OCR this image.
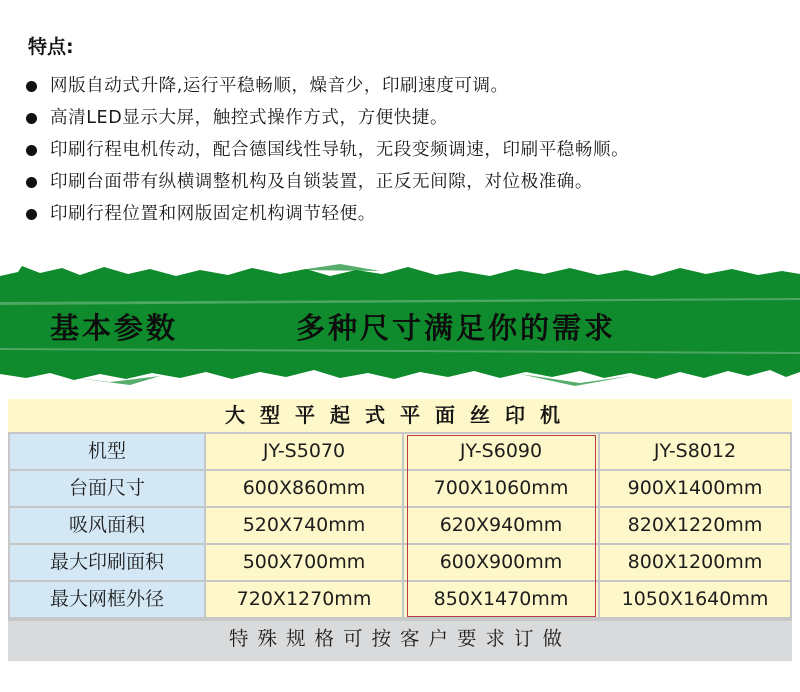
特点:
网版自动式升降,运行平稳畅顺，燥音少，印刷速度可调。
高清LED显示大屏，触控式操作方式，方便快捷。
印刷行程电机传动，配合德国线性导轨，无段变频调速，印刷平稳畅顺。
印刷台面带有纵横调整机构及自锁装置，正反无间隙，对位极准确。
印刷行程位置和网版固定机构调节轻便。
基本参数	多种尺寸满足你的需求
大型平起式平面丝印机
机型	JY-S5070	JY-S6090	JY-S8012
台面尺寸	600X860mm	700X1060mm	900X1400mm
吸风面积	520X740mm	620X940mm	820X1220mm
最大印刷面积	500X700mm	600X900mm	800X1200mm
最大网框外径	720X1270mm	850X1470mm	1050X1640mm
特殊规格可按客户要求订做
